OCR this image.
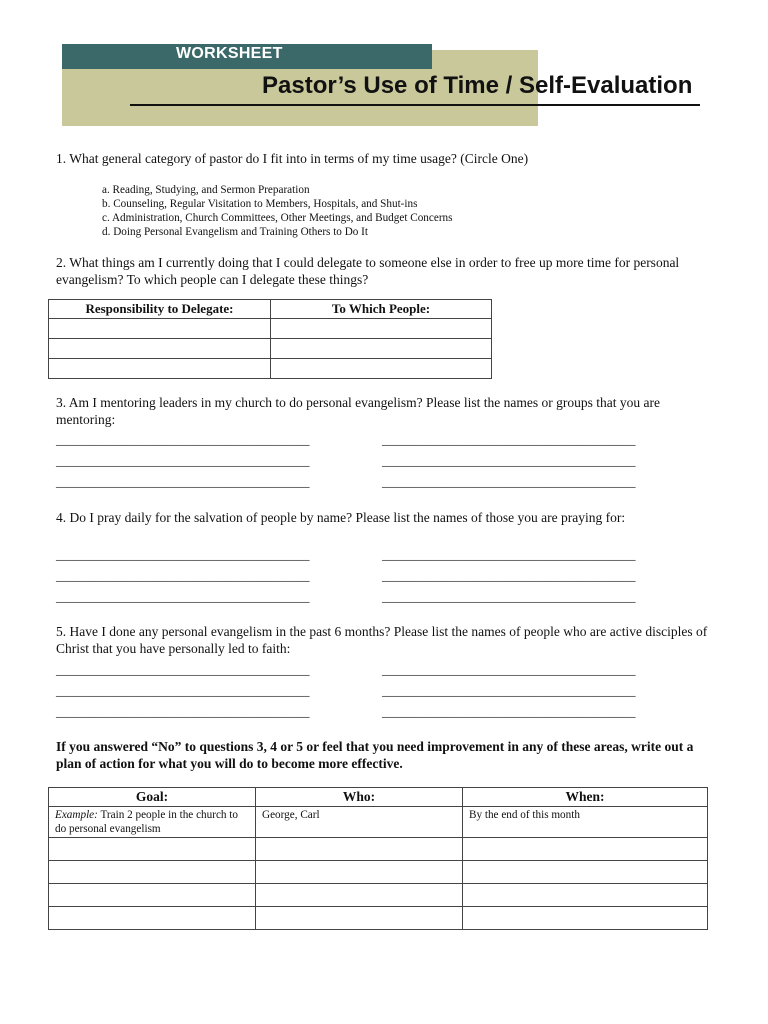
WORKSHEET
Pastor’s Use of Time / Self-Evaluation
1. What general category of pastor do I fit into in terms of my time usage? (Circle One)
a. Reading, Studying, and Sermon Preparation
b. Counseling, Regular Visitation to Members, Hospitals, and Shut-ins
c. Administration, Church Committees, Other Meetings, and Budget Concerns
d. Doing Personal Evangelism and Training Others to Do It
2. What things am I currently doing that I could delegate to someone else in order to free up more time for personal evangelism? To which people can I delegate these things?
Responsibility to Delegate:	To Which People:

3. Am I mentoring leaders in my church to do personal evangelism? Please list the names or groups that you are mentoring:
_______________________________________
_______________________________________
_______________________________________
_______________________________________
_______________________________________
_______________________________________
4. Do I pray daily for the salvation of people by name? Please list the names of those you are praying for:
_______________________________________
_______________________________________
_______________________________________
_______________________________________
_______________________________________
_______________________________________
5. Have I done any personal evangelism in the past 6 months? Please list the names of people who are active disciples of Christ that you have personally led to faith:
_______________________________________
_______________________________________
_______________________________________
_______________________________________
_______________________________________
_______________________________________
If you answered “No” to questions 3, 4 or 5 or feel that you need improvement in any of these areas, write out a plan of action for what you will do to become more effective.
Goal:	Who:	When:
Example: Train 2 people in the church to do personal evangelism	George, Carl	By the end of this month
